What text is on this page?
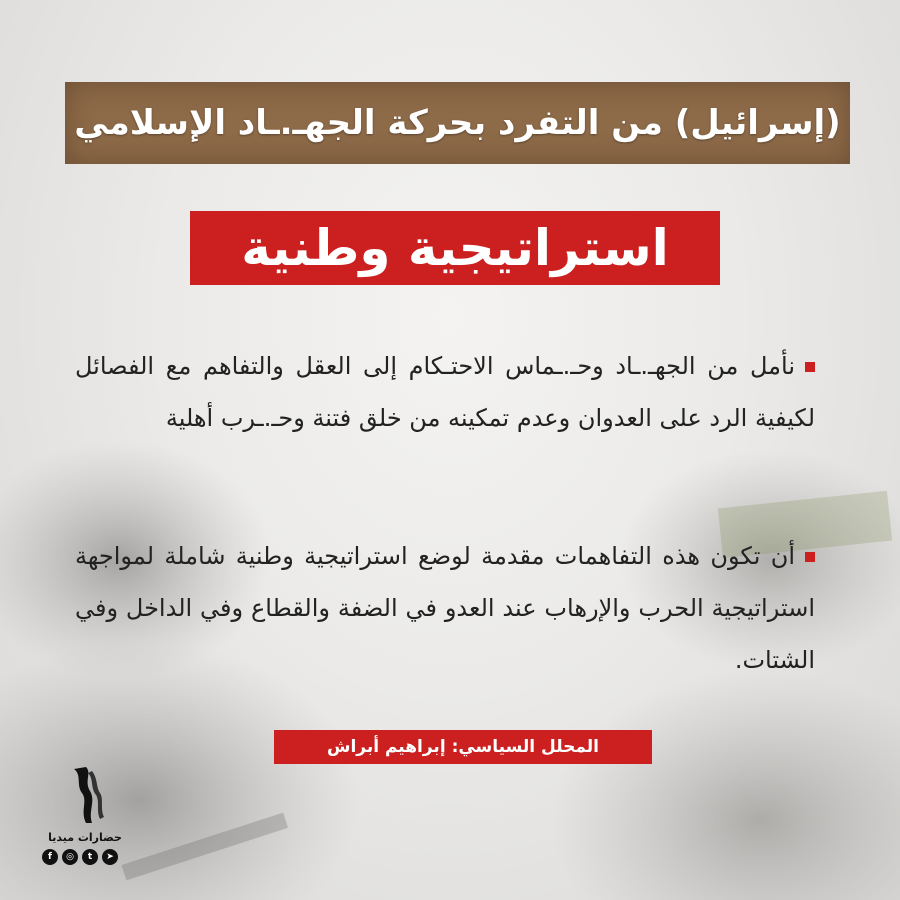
(إسرائيل) من التفرد بحركة الجهـ.ـاد الإسلامي
استراتيجية وطنية
نأمل من الجهـ.ـاد وحـ.ـماس الاحتـكام إلى العقل والتفاهم مع الفصائل لكيفية الرد على العدوان وعدم تمكينه من خلق فتنة وحـ.ـرب أهلية
أن تكون هذه التفاهمات مقدمة لوضع استراتيجية وطنية شاملة لمواجهة استراتيجية الحرب والإرهاب عند العدو في الضفة والقطاع وفي الداخل وفي الشتات.
المحلل السياسي: إبراهيم أبراش
حضارات ميديا
f	◎	t	➤
